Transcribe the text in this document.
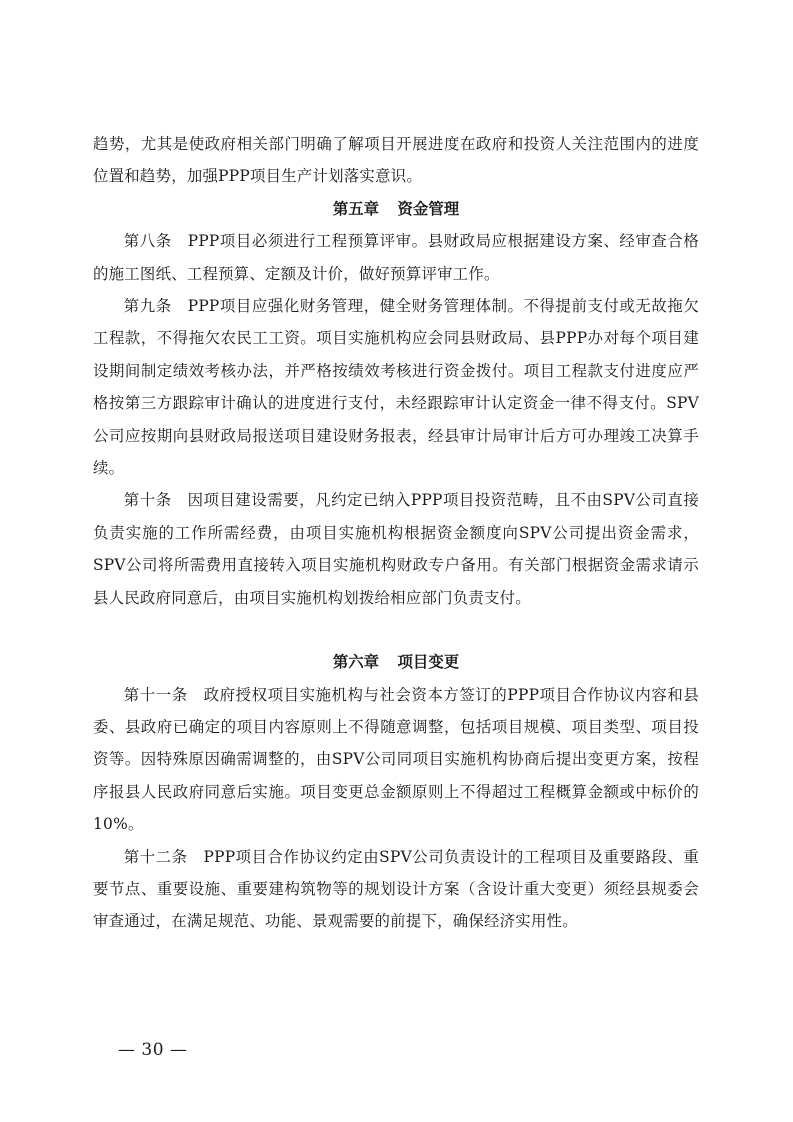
趋势，尤其是使政府相关部门明确了解项目开展进度在政府和投资人关注范围内的进度位置和趋势，加强PPP项目生产计划落实意识。

第五章 资金管理

第八条　PPP项目必须进行工程预算评审。县财政局应根据建设方案、经审查合格的施工图纸、工程预算、定额及计价，做好预算评审工作。

第九条　PPP项目应强化财务管理，健全财务管理体制。不得提前支付或无故拖欠工程款，不得拖欠农民工工资。项目实施机构应会同县财政局、县PPP办对每个项目建设期间制定绩效考核办法，并严格按绩效考核进行资金拨付。项目工程款支付进度应严格按第三方跟踪审计确认的进度进行支付，未经跟踪审计认定资金一律不得支付。SPV公司应按期向县财政局报送项目建设财务报表，经县审计局审计后方可办理竣工决算手续。

第十条　因项目建设需要，凡约定已纳入PPP项目投资范畴，且不由SPV公司直接负责实施的工作所需经费，由项目实施机构根据资金额度向SPV公司提出资金需求，SPV公司将所需费用直接转入项目实施机构财政专户备用。有关部门根据资金需求请示县人民政府同意后，由项目实施机构划拨给相应部门负责支付。

第六章 项目变更

第十一条　政府授权项目实施机构与社会资本方签订的PPP项目合作协议内容和县委、县政府已确定的项目内容原则上不得随意调整，包括项目规模、项目类型、项目投资等。因特殊原因确需调整的，由SPV公司同项目实施机构协商后提出变更方案，按程序报县人民政府同意后实施。项目变更总金额原则上不得超过工程概算金额或中标价的10%。

第十二条　PPP项目合作协议约定由SPV公司负责设计的工程项目及重要路段、重要节点、重要设施、重要建构筑物等的规划设计方案（含设计重大变更）须经县规委会审查通过，在满足规范、功能、景观需要的前提下，确保经济实用性。

— 30 —
